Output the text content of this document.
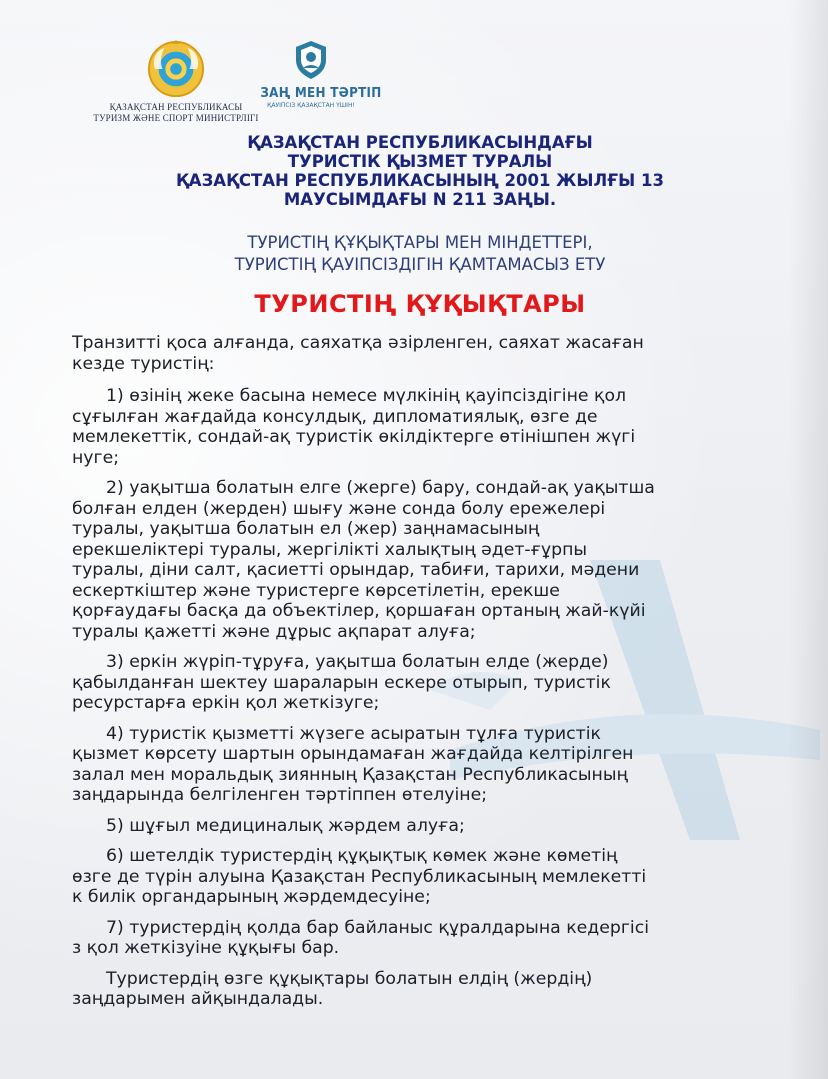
ҚАЗАҚСТАН РЕСПУБЛИКАСЫ
ТУРИЗМ ЖӘНЕ СПОРТ МИНИСТРЛІГІ
ЗАҢ МЕН ТӘРТІП
ҚАУІПСІЗ ҚАЗАҚСТАН ҮШІН!
ҚАЗАҚСТАН РЕСПУБЛИКАСЫНДАҒЫ
ТУРИСТІК ҚЫЗМЕТ ТУРАЛЫ
ҚАЗАҚСТАН РЕСПУБЛИКАСЫНЫҢ 2001 ЖЫЛҒЫ 13
МАУСЫМДАҒЫ N 211 ЗАҢЫ.
ТУРИСТІҢ ҚҰҚЫҚТАРЫ МЕН МІНДЕТТЕРІ,
ТУРИСТІҢ ҚАУІПСІЗДІГІН ҚАМТАМАСЫЗ ЕТУ
ТУРИСТІҢ ҚҰҚЫҚТАРЫ
Транзитті қоса алғанда, саяхатқа әзірленген, саяхат жасаған
кезде туристің:
1) өзінің жеке басына немесе мүлкінің қауіпсіздігіне қол
сұғылған жағдайда консулдық, дипломатиялық, өзге де
мемлекеттік, сондай-ақ туристік өкілдіктерге өтінішпен жүгі
нуге;
2) уақытша болатын елге (жерге) бару, сондай-ақ уақытша
болған елден (жерден) шығу және сонда болу ережелері
туралы, уақытша болатын ел (жер) заңнамасының
ерекшеліктері туралы, жергілікті халықтың әдет-ғұрпы
туралы, діни салт, қасиетті орындар, табиғи, тарихи, мәдени
ескерткіштер және туристерге көрсетілетін, ерекше
қорғаудағы басқа да объектілер, қоршаған ортаның жай-күйі
туралы қажетті және дұрыс ақпарат алуға;
3) еркін жүріп-тұруға, уақытша болатын елде (жерде)
қабылданған шектеу шараларын ескере отырып, туристік
ресурстарға еркін қол жеткізуге;
4) туристік қызметті жүзеге асыратын тұлға туристік
қызмет көрсету шартын орындамаған жағдайда келтірілген
залал мен моральдық зиянның Қазақстан Республикасының
заңдарында белгіленген тәртіппен өтелуіне;
5) шұғыл медициналық жәрдем алуға;
6) шетелдік туристердің құқықтық көмек және көметің
өзге де түрін алуына Қазақстан Республикасының мемлекетті
к билік органдарының жәрдемдесуіне;
7) туристердің қолда бар байланыс құралдарына кедергісі
з қол жеткізуіне құқығы бар.
Туристердің өзге құқықтары болатын елдің (жердің)
заңдарымен айқындалады.
